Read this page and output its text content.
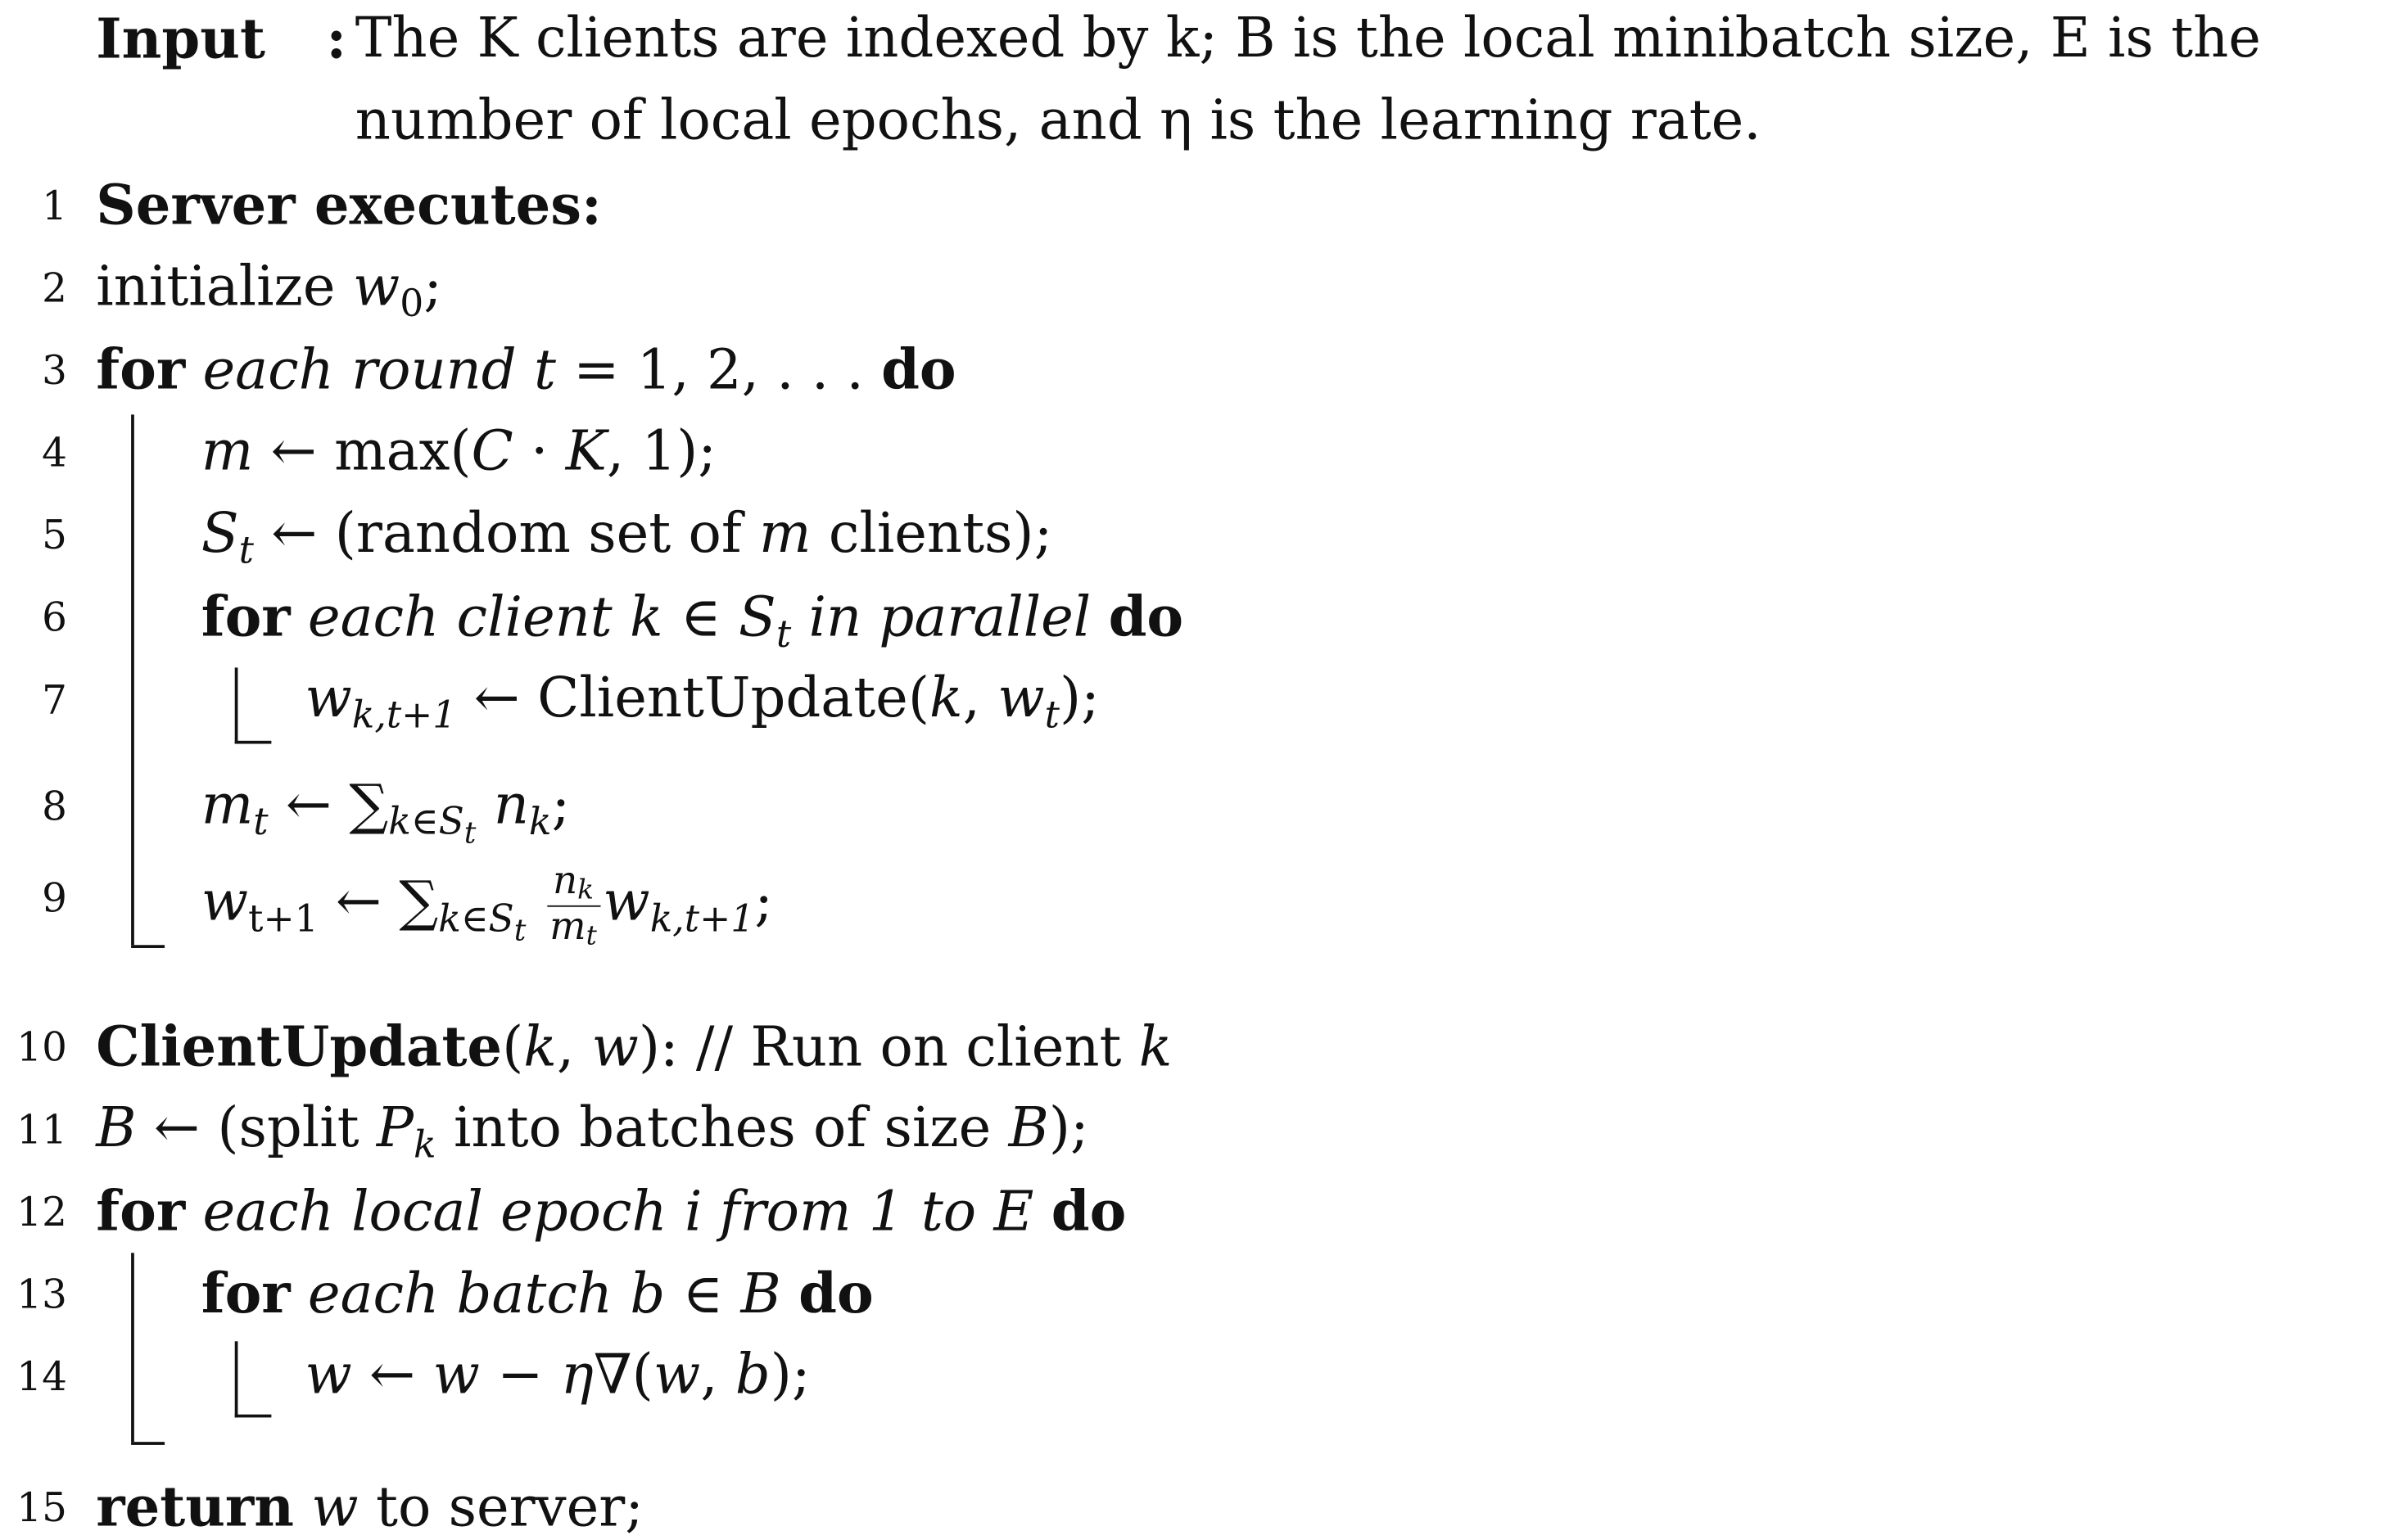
Input : The K clients are indexed by k; B is the local minibatch size, E is the
number of local epochs, and η is the learning rate.
1
2
3
4
5
6
7
8
9
10
11
12
13
14
15
Server executes:
initialize $w_0$;
for each round t = 1, 2, . . . do
m ← max(C · K, 1);
$S_t$ ← (random set of m clients);
for each client k ∈ $S_t$ in parallel do
$w_{k,t+1}$ ← ClientUpdate(k, $w_t$);
$m_t$ ← $\sum_{k\in S_t}$ $n_k$;
$w_{t+1}$ ← $\sum_{k\in S_t} \frac{nk}{mt} w_{k,t+1}$;
ClientUpdate(k, w): // Run on client k
B ← (split $P_k$ into batches of size B);
for each local epoch i from 1 to E do
for each batch b ∈ B do
w ← w − η∇(w, b);
return w to server;
